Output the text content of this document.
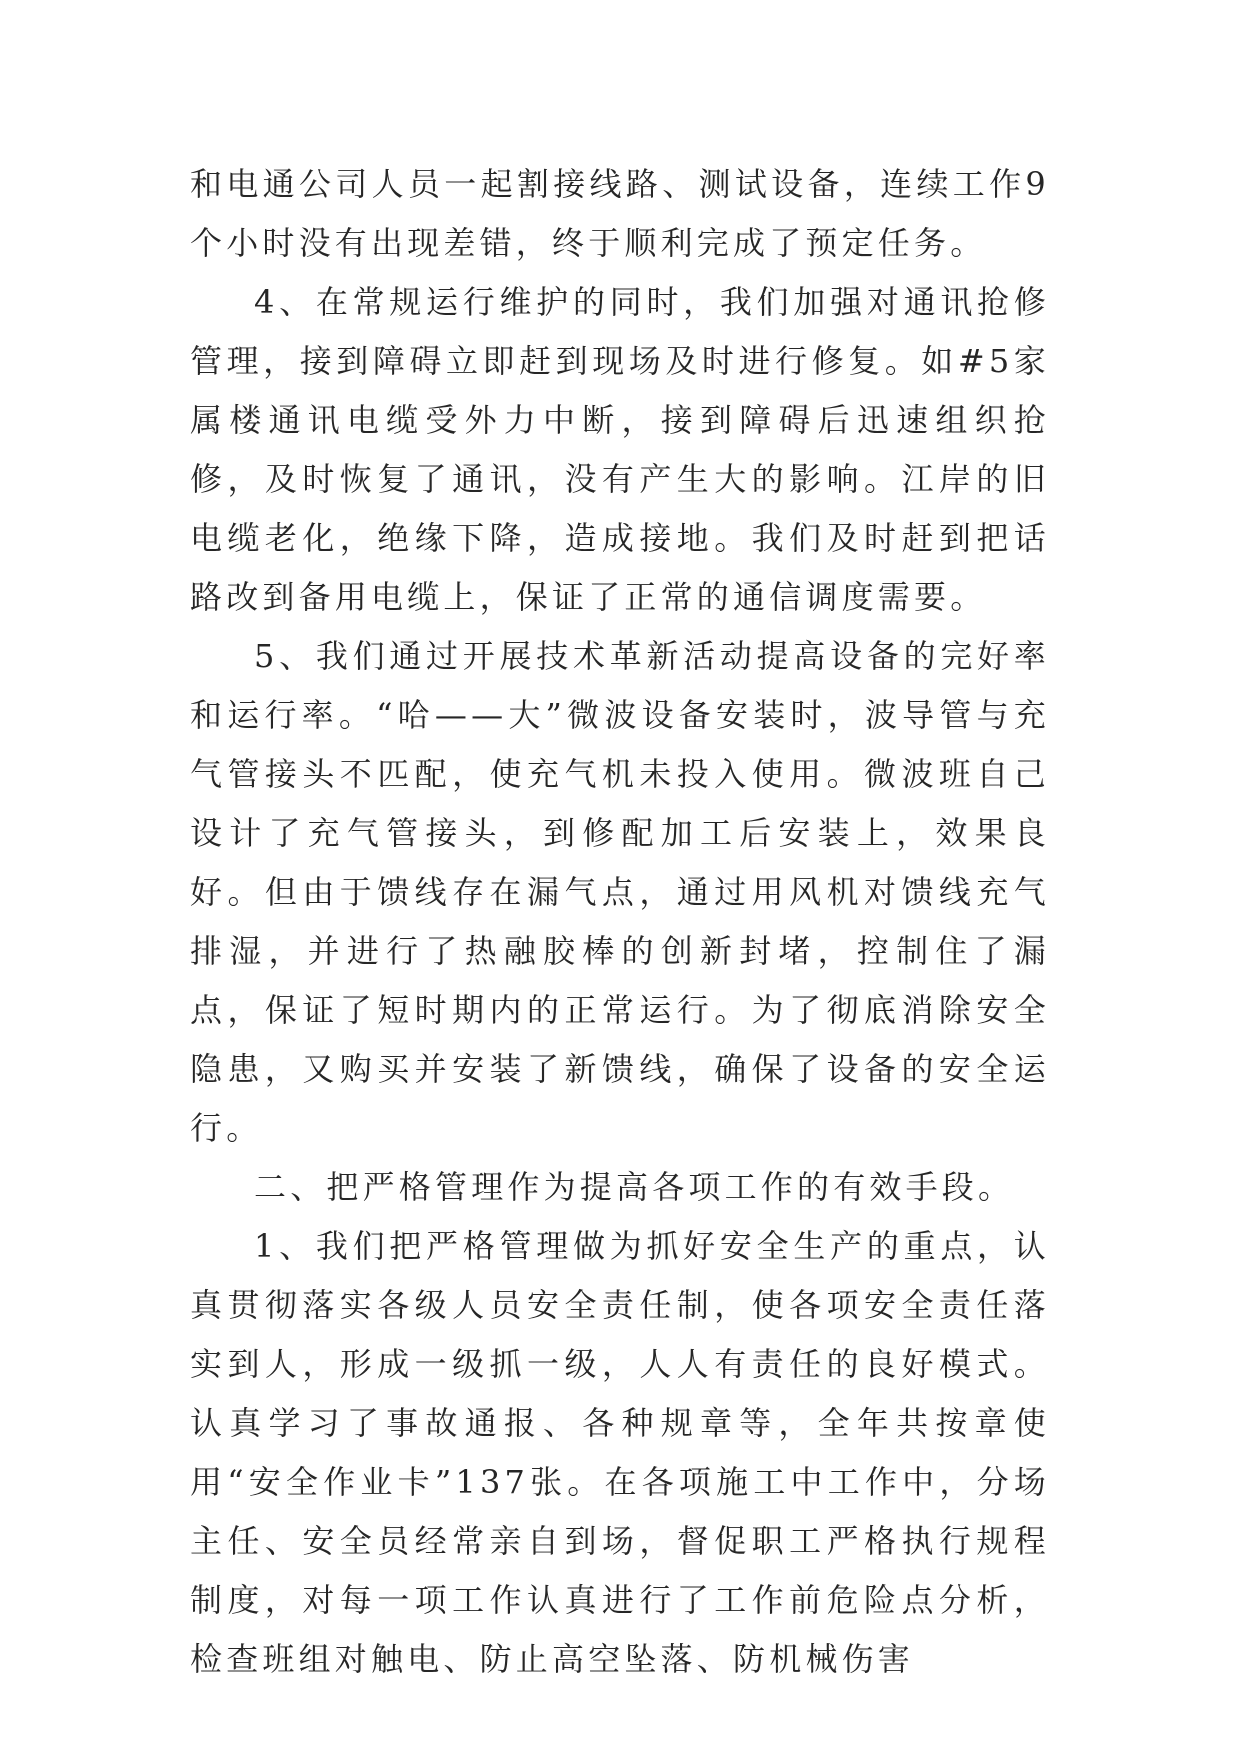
和电通公司人员一起割接线路、测试设备，连续工作9个小时没有出现差错，终于顺利完成了预定任务。

4、在常规运行维护的同时，我们加强对通讯抢修管理，接到障碍立即赶到现场及时进行修复。如#5家属楼通讯电缆受外力中断，接到障碍后迅速组织抢修，及时恢复了通讯，没有产生大的影响。江岸的旧电缆老化，绝缘下降，造成接地。我们及时赶到把话路改到备用电缆上，保证了正常的通信调度需要。

5、我们通过开展技术革新活动提高设备的完好率和运行率。“哈——大”微波设备安装时，波导管与充气管接头不匹配，使充气机未投入使用。微波班自己设计了充气管接头，到修配加工后安装上，效果良好。但由于馈线存在漏气点，通过用风机对馈线充气排湿，并进行了热融胶棒的创新封堵，控制住了漏点，保证了短时期内的正常运行。为了彻底消除安全隐患，又购买并安装了新馈线，确保了设备的安全运行。

二、把严格管理作为提高各项工作的有效手段。

1、我们把严格管理做为抓好安全生产的重点，认真贯彻落实各级人员安全责任制，使各项安全责任落实到人，形成一级抓一级，人人有责任的良好模式。认真学习了事故通报、各种规章等，全年共按章使用“安全作业卡”137张。在各项施工中工作中，分场主任、安全员经常亲自到场，督促职工严格执行规程制度，对每一项工作认真进行了工作前危险点分析，检查班组对触电、防止高空坠落、防机械伤害
